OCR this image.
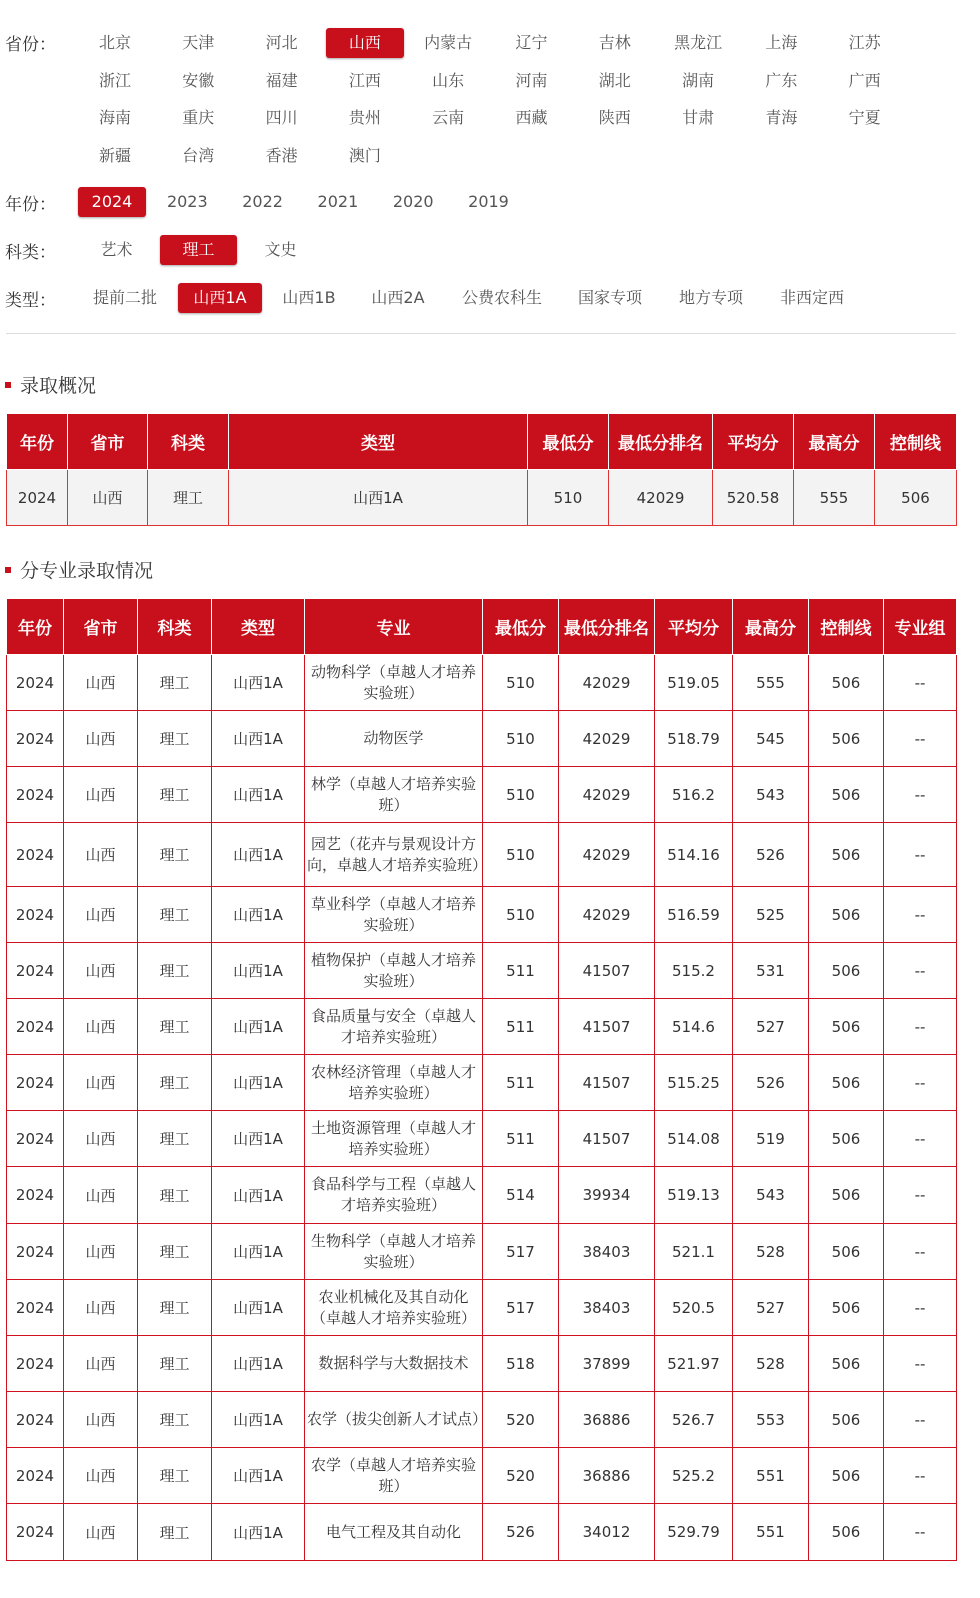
省份：	北京	天津	河北	山西	内蒙古	辽宁	吉林	黑龙江	上海	江苏
浙江	安徽	福建	江西	山东	河南	湖北	湖南	广东	广西
海南	重庆	四川	贵州	云南	西藏	陕西	甘肃	青海	宁夏
新疆	台湾	香港	澳门
年份：	2024	2023	2022	2021	2020	2019
科类：	艺术	理工	文史
类型：	提前二批	山西1A	山西1B	山西2A	公费农科生	国家专项	地方专项	非西定西
录取概况
年份	省市	科类	类型	最低分	最低分排名	平均分	最高分	控制线
2024	山西	理工	山西1A	510	42029	520.58	555	506
分专业录取情况
年份	省市	科类	类型	专业	最低分	最低分排名	平均分	最高分	控制线	专业组
2024	山西	理工	山西1A	动物科学（卓越人才培养实验班）	510	42029	519.05	555	506	--
2024	山西	理工	山西1A	动物医学	510	42029	518.79	545	506	--
2024	山西	理工	山西1A	林学（卓越人才培养实验班）	510	42029	516.2	543	506	--
2024	山西	理工	山西1A	园艺（花卉与景观设计方向，卓越人才培养实验班）	510	42029	514.16	526	506	--
2024	山西	理工	山西1A	草业科学（卓越人才培养实验班）	510	42029	516.59	525	506	--
2024	山西	理工	山西1A	植物保护（卓越人才培养实验班）	511	41507	515.2	531	506	--
2024	山西	理工	山西1A	食品质量与安全（卓越人才培养实验班）	511	41507	514.6	527	506	--
2024	山西	理工	山西1A	农林经济管理（卓越人才培养实验班）	511	41507	515.25	526	506	--
2024	山西	理工	山西1A	土地资源管理（卓越人才培养实验班）	511	41507	514.08	519	506	--
2024	山西	理工	山西1A	食品科学与工程（卓越人才培养实验班）	514	39934	519.13	543	506	--
2024	山西	理工	山西1A	生物科学（卓越人才培养实验班）	517	38403	521.1	528	506	--
2024	山西	理工	山西1A	农业机械化及其自动化（卓越人才培养实验班）	517	38403	520.5	527	506	--
2024	山西	理工	山西1A	数据科学与大数据技术	518	37899	521.97	528	506	--
2024	山西	理工	山西1A	农学（拔尖创新人才试点）	520	36886	526.7	553	506	--
2024	山西	理工	山西1A	农学（卓越人才培养实验班）	520	36886	525.2	551	506	--
2024	山西	理工	山西1A	电气工程及其自动化	526	34012	529.79	551	506	--
